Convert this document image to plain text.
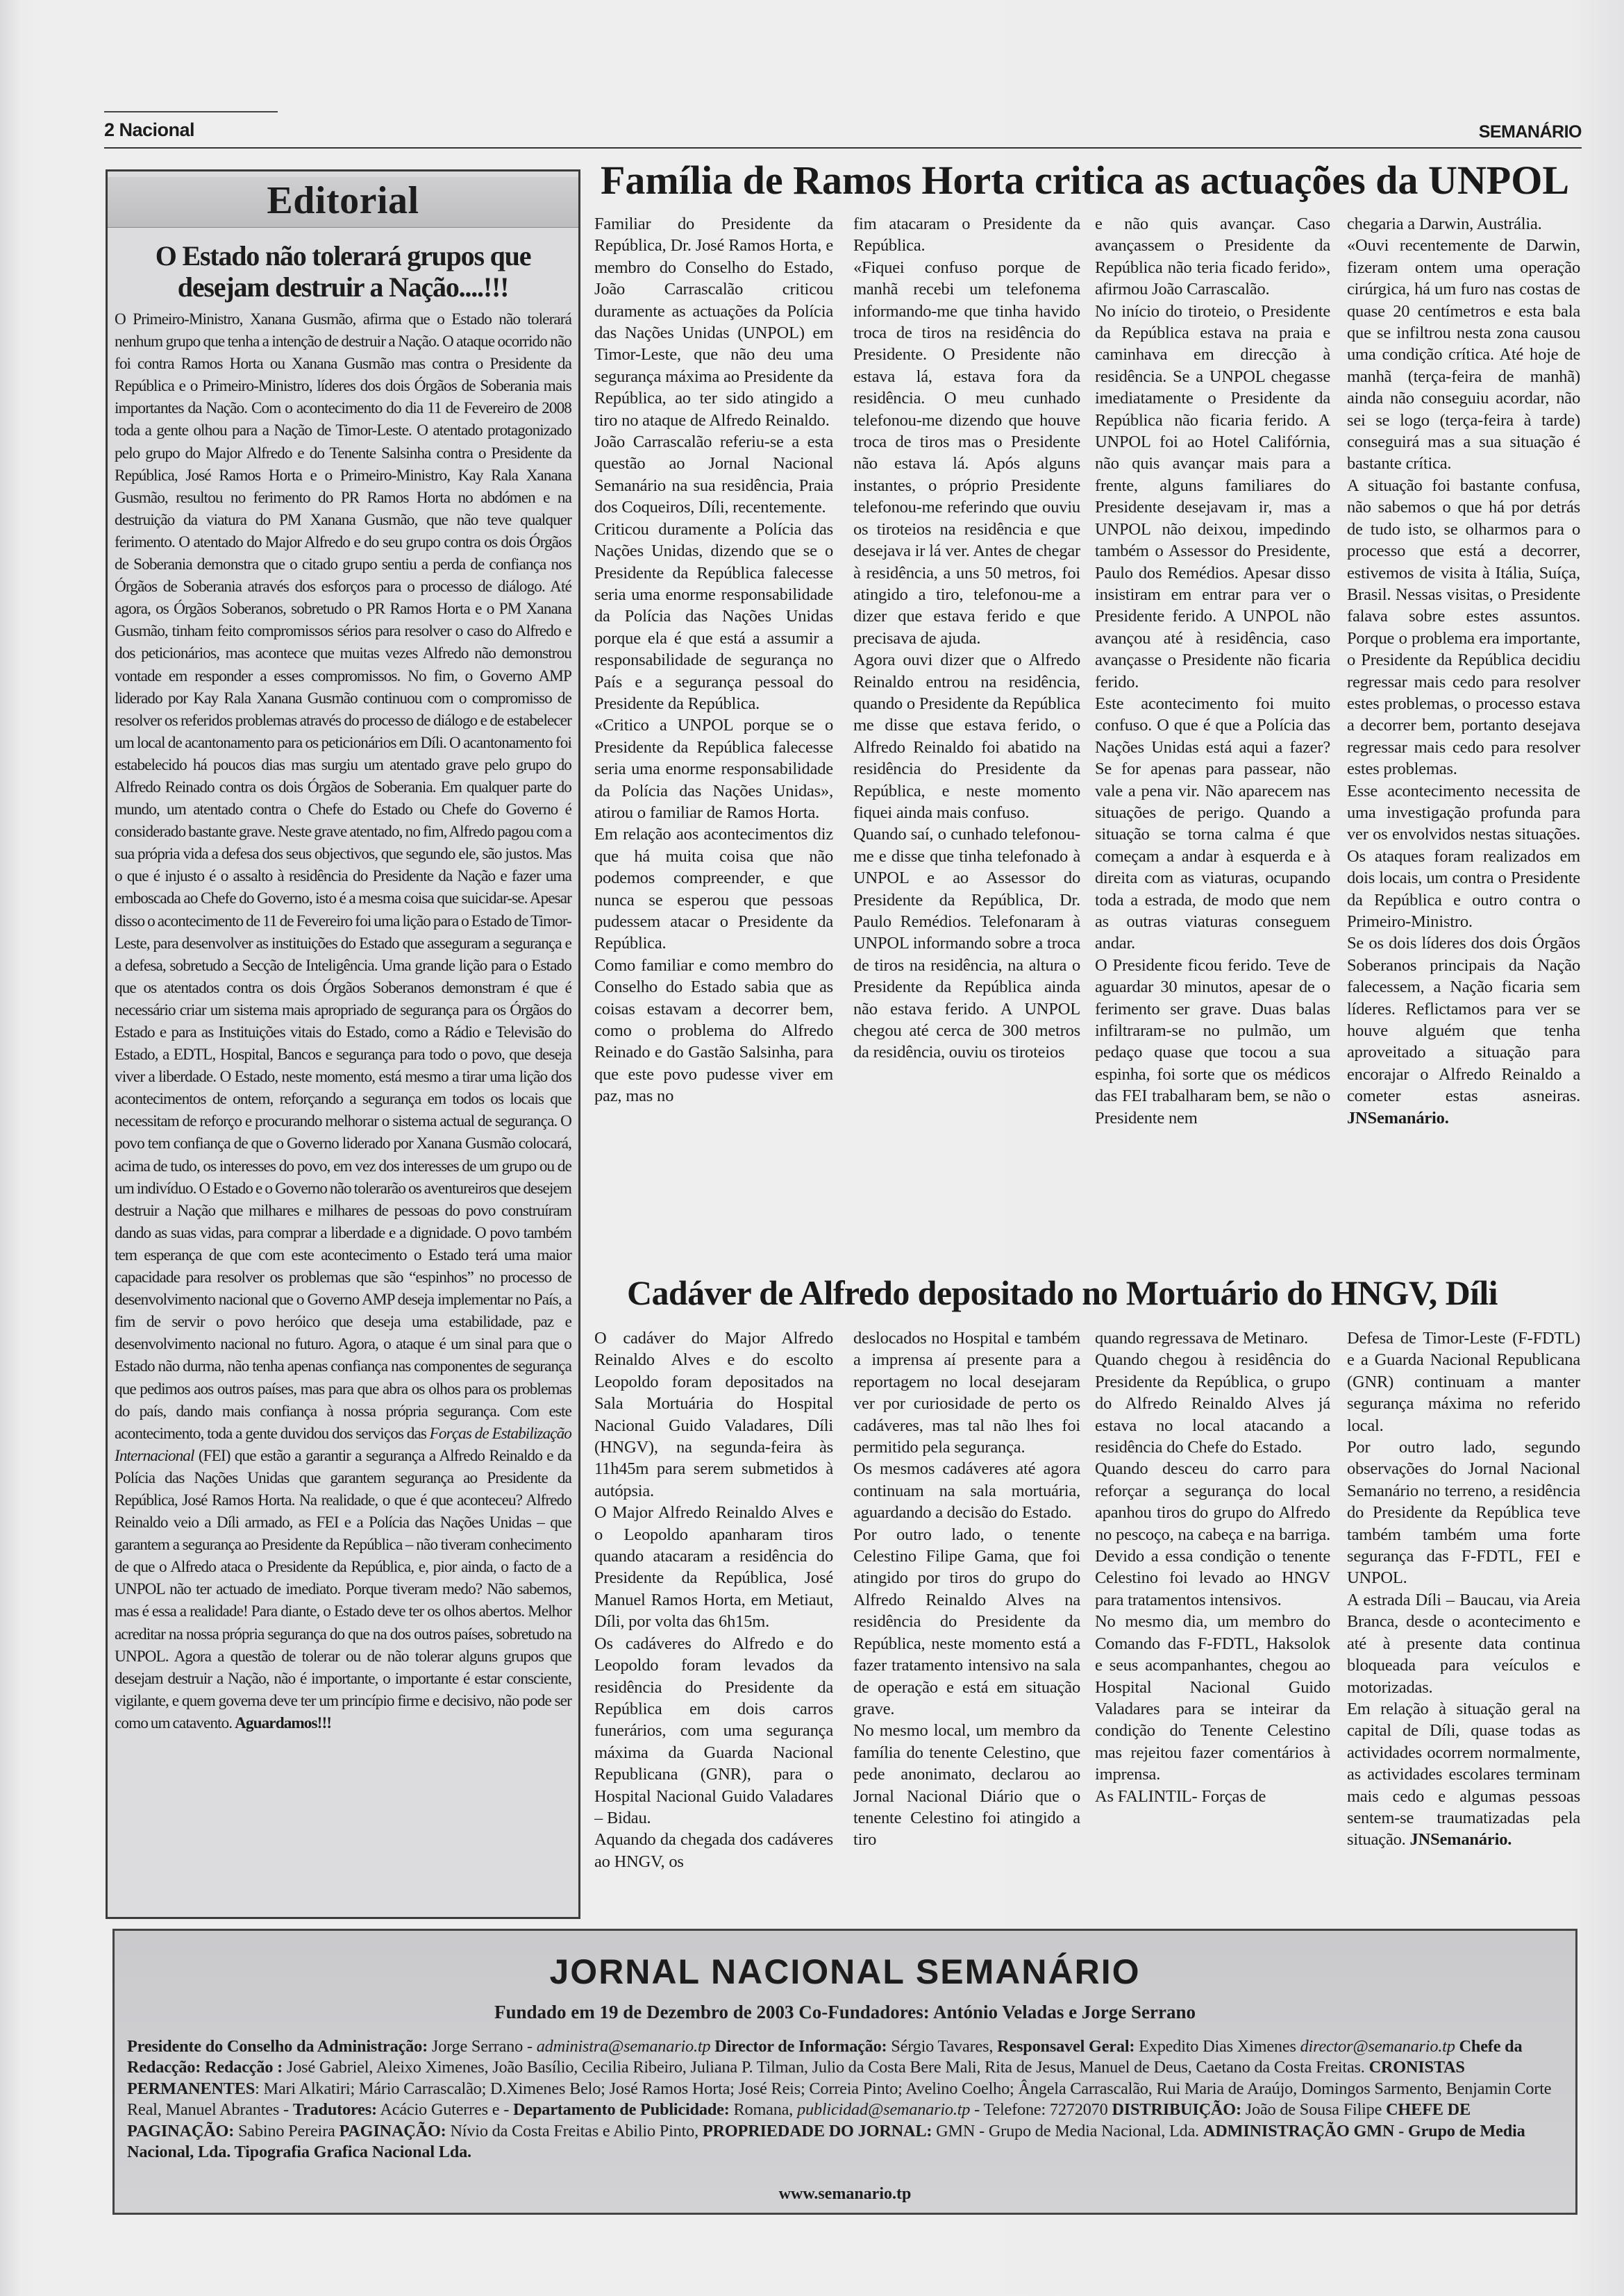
2 Nacional	SEMANÁRIO
Editorial
O Estado não tolerará grupos que desejam destruir a Nação....!!!
O Primeiro-Ministro, Xanana Gusmão, afirma que o Estado não tolerará nenhum grupo que tenha a intenção de destruir a Nação. O ataque ocorrido não foi contra Ramos Horta ou Xanana Gusmão mas contra o Presidente da República e o Primeiro-Ministro, líderes dos dois Órgãos de Soberania mais importantes da Nação. Com o acontecimento do dia 11 de Fevereiro de 2008 toda a gente olhou para a Nação de Timor-Leste. O atentado protagonizado pelo grupo do Major Alfredo e do Tenente Salsinha contra o Presidente da República, José Ramos Horta e o Primeiro-Ministro, Kay Rala Xanana Gusmão, resultou no ferimento do PR Ramos Horta no abdómen e na destruição da viatura do PM Xanana Gusmão, que não teve qualquer ferimento. O atentado do Major Alfredo e do seu grupo contra os dois Órgãos de Soberania demonstra que o citado grupo sentiu a perda de confiança nos Órgãos de Soberania através dos esforços para o processo de diálogo. Até agora, os Órgãos Soberanos, sobretudo o PR Ramos Horta e o PM Xanana Gusmão, tinham feito compromissos sérios para resolver o caso do Alfredo e dos peticionários, mas acontece que muitas vezes Alfredo não demonstrou vontade em responder a esses compromissos. No fim, o Governo AMP liderado por Kay Rala Xanana Gusmão continuou com o compromisso de resolver os referidos problemas através do processo de diálogo e de estabelecer um local de acantonamento para os peticionários em Díli. O acantonamento foi estabelecido há poucos dias mas surgiu um atentado grave pelo grupo do Alfredo Reinado contra os dois Órgãos de Soberania. Em qualquer parte do mundo, um atentado contra o Chefe do Estado ou Chefe do Governo é considerado bastante grave. Neste grave atentado, no fim, Alfredo pagou com a sua própria vida a defesa dos seus objectivos, que segundo ele, são justos. Mas o que é injusto é o assalto à residência do Presidente da Nação e fazer uma emboscada ao Chefe do Governo, isto é a mesma coisa que suicidar-se. Apesar disso o acontecimento de 11 de Fevereiro foi uma lição para o Estado de Timor-Leste, para desenvolver as instituições do Estado que asseguram a segurança e a defesa, sobretudo a Secção de Inteligência. Uma grande lição para o Estado que os atentados contra os dois Órgãos Soberanos demonstram é que é necessário criar um sistema mais apropriado de segurança para os Órgãos do Estado e para as Instituições vitais do Estado, como a Rádio e Televisão do Estado, a EDTL, Hospital, Bancos e segurança para todo o povo, que deseja viver a liberdade. O Estado, neste momento, está mesmo a tirar uma lição dos acontecimentos de ontem, reforçando a segurança em todos os locais que necessitam de reforço e procurando melhorar o sistema actual de segurança. O povo tem confiança de que o Governo liderado por Xanana Gusmão colocará, acima de tudo, os interesses do povo, em vez dos interesses de um grupo ou de um indivíduo. O Estado e o Governo não tolerarão os aventureiros que desejem destruir a Nação que milhares e milhares de pessoas do povo construíram dando as suas vidas, para comprar a liberdade e a dignidade. O povo também tem esperança de que com este acontecimento o Estado terá uma maior capacidade para resolver os problemas que são “espinhos” no processo de desenvolvimento nacional que o Governo AMP deseja implementar no País, a fim de servir o povo heróico que deseja uma estabilidade, paz e desenvolvimento nacional no futuro. Agora, o ataque é um sinal para que o Estado não durma, não tenha apenas confiança nas componentes de segurança que pedimos aos outros países, mas para que abra os olhos para os problemas do país, dando mais confiança à nossa própria segurança. Com este acontecimento, toda a gente duvidou dos serviços das Forças de Estabilização Internacional (FEI) que estão a garantir a segurança a Alfredo Reinaldo e da Polícia das Nações Unidas que garantem segurança ao Presidente da República, José Ramos Horta. Na realidade, o que é que aconteceu? Alfredo Reinaldo veio a Díli armado, as FEI e a Polícia das Nações Unidas – que garantem a segurança ao Presidente da República – não tiveram conhecimento de que o Alfredo ataca o Presidente da República, e, pior ainda, o facto de a UNPOL não ter actuado de imediato. Porque tiveram medo? Não sabemos, mas é essa a realidade! Para diante, o Estado deve ter os olhos abertos. Melhor acreditar na nossa própria segurança do que na dos outros países, sobretudo na UNPOL. Agora a questão de tolerar ou de não tolerar alguns grupos que desejam destruir a Nação, não é importante, o importante é estar consciente, vigilante, e quem governa deve ter um princípio firme e decisivo, não pode ser como um catavento. Aguardamos!!!
Família de Ramos Horta critica as actuações da UNPOL

Familiar do Presidente da República, Dr. José Ramos Horta, e membro do Conselho do Estado, João Carrascalão criticou duramente as actuações da Polícia das Nações Unidas (UNPOL) em Timor-Leste, que não deu uma segurança máxima ao Presidente da República, ao ter sido atingido a tiro no ataque de Alfredo Reinaldo.

João Carrascalão referiu-se a esta questão ao Jornal Nacional Semanário na sua residência, Praia dos Coqueiros, Díli, recentemente.

Criticou duramente a Polícia das Nações Unidas, dizendo que se o Presidente da República falecesse seria uma enorme responsabilidade da Polícia das Nações Unidas porque ela é que está a assumir a responsabilidade de segurança no País e a segurança pessoal do Presidente da República.

«Critico a UNPOL porque se o Presidente da República falecesse seria uma enorme responsabilidade da Polícia das Nações Unidas», atirou o familiar de Ramos Horta.

Em relação aos acontecimentos diz que há muita coisa que não podemos compreender, e que nunca se esperou que pessoas pudessem atacar o Presidente da República.

Como familiar e como membro do Conselho do Estado sabia que as coisas estavam a decorrer bem, como o problema do Alfredo Reinado e do Gastão Salsinha, para que este povo pudesse viver em paz, mas no

fim atacaram o Presidente da República.

«Fiquei confuso porque de manhã recebi um telefonema informando-me que tinha havido troca de tiros na residência do Presidente. O Presidente não estava lá, estava fora da residência. O meu cunhado telefonou-me dizendo que houve troca de tiros mas o Presidente não estava lá. Após alguns instantes, o próprio Presidente telefonou-me referindo que ouviu os tiroteios na residência e que desejava ir lá ver. Antes de chegar à residência, a uns 50 metros, foi atingido a tiro, telefonou-me a dizer que estava ferido e que precisava de ajuda.

Agora ouvi dizer que o Alfredo Reinaldo entrou na residência, quando o Presidente da República me disse que estava ferido, o Alfredo Reinaldo foi abatido na residência do Presidente da República, e neste momento fiquei ainda mais confuso.

Quando saí, o cunhado telefonou-me e disse que tinha telefonado à UNPOL e ao Assessor do Presidente da República, Dr. Paulo Remédios. Telefonaram à UNPOL informando sobre a troca de tiros na residência, na altura o Presidente da República ainda não estava ferido. A UNPOL chegou até cerca de 300 metros da residência, ouviu os tiroteios

e não quis avançar. Caso avançassem o Presidente da República não teria ficado ferido», afirmou João Carrascalão.

No início do tiroteio, o Presidente da República estava na praia e caminhava em direcção à residência. Se a UNPOL chegasse imediatamente o Presidente da República não ficaria ferido. A UNPOL foi ao Hotel Califórnia, não quis avançar mais para a frente, alguns familiares do Presidente desejavam ir, mas a UNPOL não deixou, impedindo também o Assessor do Presidente, Paulo dos Remédios. Apesar disso insistiram em entrar para ver o Presidente ferido. A UNPOL não avançou até à residência, caso avançasse o Presidente não ficaria ferido.

Este acontecimento foi muito confuso. O que é que a Polícia das Nações Unidas está aqui a fazer? Se for apenas para passear, não vale a pena vir. Não aparecem nas situações de perigo. Quando a situação se torna calma é que começam a andar à esquerda e à direita com as viaturas, ocupando toda a estrada, de modo que nem as outras viaturas conseguem andar.

O Presidente ficou ferido. Teve de aguardar 30 minutos, apesar de o ferimento ser grave. Duas balas infiltraram-se no pulmão, um pedaço quase que tocou a sua espinha, foi sorte que os médicos das FEI trabalharam bem, se não o Presidente nem

chegaria a Darwin, Austrália.

«Ouvi recentemente de Darwin, fizeram ontem uma operação cirúrgica, há um furo nas costas de quase 20 centímetros e esta bala que se infiltrou nesta zona causou uma condição crítica. Até hoje de manhã (terça-feira de manhã) ainda não conseguiu acordar, não sei se logo (terça-feira à tarde) conseguirá mas a sua situação é bastante crítica.

A situação foi bastante confusa, não sabemos o que há por detrás de tudo isto, se olharmos para o processo que está a decorrer, estivemos de visita à Itália, Suíça, Brasil. Nessas visitas, o Presidente falava sobre estes assuntos. Porque o problema era importante, o Presidente da República decidiu regressar mais cedo para resolver estes problemas, o processo estava a decorrer bem, portanto desejava regressar mais cedo para resolver estes problemas.

Esse acontecimento necessita de uma investigação profunda para ver os envolvidos nestas situações. Os ataques foram realizados em dois locais, um contra o Presidente da República e outro contra o Primeiro-Ministro.

Se os dois líderes dos dois Órgãos Soberanos principais da Nação falecessem, a Nação ficaria sem líderes. Reflictamos para ver se houve alguém que tenha aproveitado a situação para encorajar o Alfredo Reinaldo a cometer estas asneiras. JNSemanário.

Cadáver de Alfredo depositado no Mortuário do HNGV, Díli

O cadáver do Major Alfredo Reinaldo Alves e do escolto Leopoldo foram depositados na Sala Mortuária do Hospital Nacional Guido Valadares, Díli (HNGV), na segunda-feira às 11h45m para serem submetidos à autópsia.

O Major Alfredo Reinaldo Alves e o Leopoldo apanharam tiros quando atacaram a residência do Presidente da República, José Manuel Ramos Horta, em Metiaut, Díli, por volta das 6h15m.

Os cadáveres do Alfredo e do Leopoldo foram levados da residência do Presidente da República em dois carros funerários, com uma segurança máxima da Guarda Nacional Republicana (GNR), para o Hospital Nacional Guido Valadares – Bidau.

Aquando da chegada dos cadáveres ao HNGV, os

deslocados no Hospital e também a imprensa aí presente para a reportagem no local desejaram ver por curiosidade de perto os cadáveres, mas tal não lhes foi permitido pela segurança.

Os mesmos cadáveres até agora continuam na sala mortuária, aguardando a decisão do Estado.

Por outro lado, o tenente Celestino Filipe Gama, que foi atingido por tiros do grupo do Alfredo Reinaldo Alves na residência do Presidente da República, neste momento está a fazer tratamento intensivo na sala de operação e está em situação grave.

No mesmo local, um membro da família do tenente Celestino, que pede anonimato, declarou ao Jornal Nacional Diário que o tenente Celestino foi atingido a tiro

quando regressava de Metinaro.

Quando chegou à residência do Presidente da República, o grupo do Alfredo Reinaldo Alves já estava no local atacando a residência do Chefe do Estado.

Quando desceu do carro para reforçar a segurança do local apanhou tiros do grupo do Alfredo no pescoço, na cabeça e na barriga. Devido a essa condição o tenente Celestino foi levado ao HNGV para tratamentos intensivos.

No mesmo dia, um membro do Comando das F-FDTL, Haksolok e seus acompanhantes, chegou ao Hospital Nacional Guido Valadares para se inteirar da condição do Tenente Celestino mas rejeitou fazer comentários à imprensa.

As FALINTIL- Forças de

Defesa de Timor-Leste (F-FDTL) e a Guarda Nacional Republicana (GNR) continuam a manter segurança máxima no referido local.

Por outro lado, segundo observações do Jornal Nacional Semanário no terreno, a residência do Presidente da República teve também também uma forte segurança das F-FDTL, FEI e UNPOL.

A estrada Díli – Baucau, via Areia Branca, desde o acontecimento e até à presente data continua bloqueada para veículos e motorizadas.

Em relação à situação geral na capital de Díli, quase todas as actividades ocorrem normalmente, as actividades escolares terminam mais cedo e algumas pessoas sentem-se traumatizadas pela situação. JNSemanário.

JORNAL NACIONAL SEMANÁRIO
Fundado em 19 de Dezembro de 2003 Co-Fundadores: António Veladas e Jorge Serrano
Presidente do Conselho da Administração: Jorge Serrano - administra@semanario.tp Director de Informação: Sérgio Tavares, Responsavel Geral: Expedito Dias Ximenes director@semanario.tp Chefe da Redacção: Redacção : José Gabriel, Aleixo Ximenes, João Basílio, Cecilia Ribeiro, Juliana P. Tilman, Julio da Costa Bere Mali, Rita de Jesus, Manuel de Deus, Caetano da Costa Freitas. CRONISTAS PERMANENTES: Mari Alkatiri; Mário Carrascalão; D.Ximenes Belo; José Ramos Horta; José Reis; Correia Pinto; Avelino Coelho; Ângela Carrascalão, Rui Maria de Araújo, Domingos Sarmento, Benjamin Corte Real, Manuel Abrantes - Tradutores: Acácio Guterres e - Departamento de Publicidade: Romana, publicidad@semanario.tp - Telefone: 7272070 DISTRIBUIÇÃO: João de Sousa Filipe CHEFE DE PAGINAÇÃO: Sabino Pereira PAGINAÇÃO: Nívio da Costa Freitas e Abilio Pinto, PROPRIEDADE DO JORNAL: GMN - Grupo de Media Nacional, Lda. ADMINISTRAÇÃO GMN - Grupo de Media Nacional, Lda. Tipografia Grafica Nacional Lda.
www.semanario.tp
